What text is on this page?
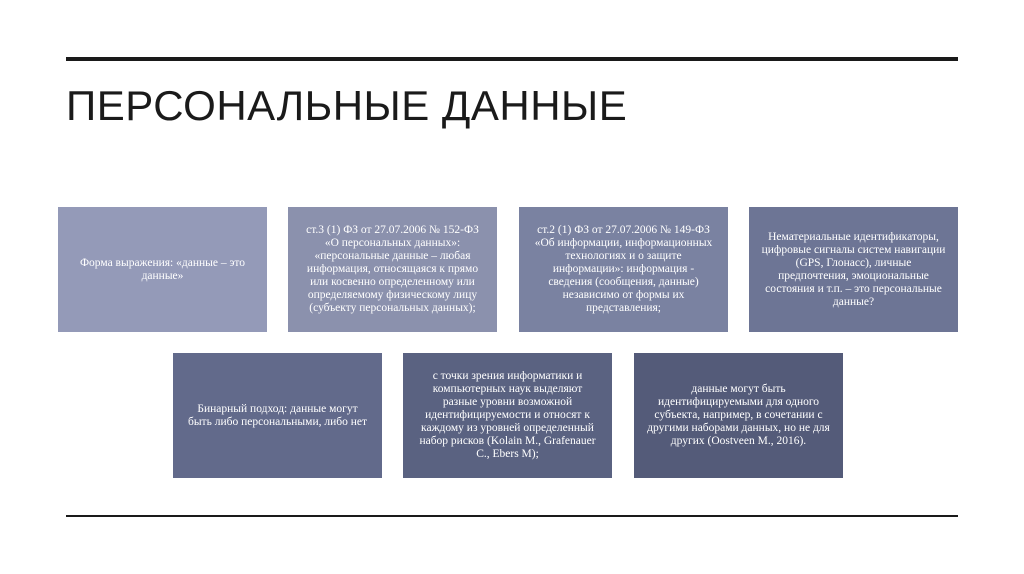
ПЕРСОНАЛЬНЫЕ ДАННЫЕ
Форма выражения: «данные – это данные»
ст.3 (1) ФЗ от 27.07.2006 № 152-ФЗ «О персональных данных»: «персональные данные – любая информация, относящаяся к прямо или косвенно определенному или определяемому физическому лицу (субъекту персональных данных);
ст.2 (1) ФЗ от 27.07.2006 № 149-ФЗ «Об информации, информационных технологиях и о защите информации»: информация - сведения (сообщения, данные) независимо от формы их представления;
Нематериальные идентификаторы, цифровые сигналы систем навигации (GPS, Глонасс), личные предпочтения, эмоциональные состояния и т.п. – это персональные данные?
Бинарный подход: данные могут быть либо персональными, либо нет
с точки зрения информатики и компьютерных наук выделяют разные уровни возможной идентифицируемости и относят к каждому из уровней определенный набор рисков (Kolain M., Grafenauer C., Ebers M);
данные могут быть идентифицируемыми для одного субъекта, например, в сочетании с другими наборами данных, но не для других (Oostveen M., 2016).
